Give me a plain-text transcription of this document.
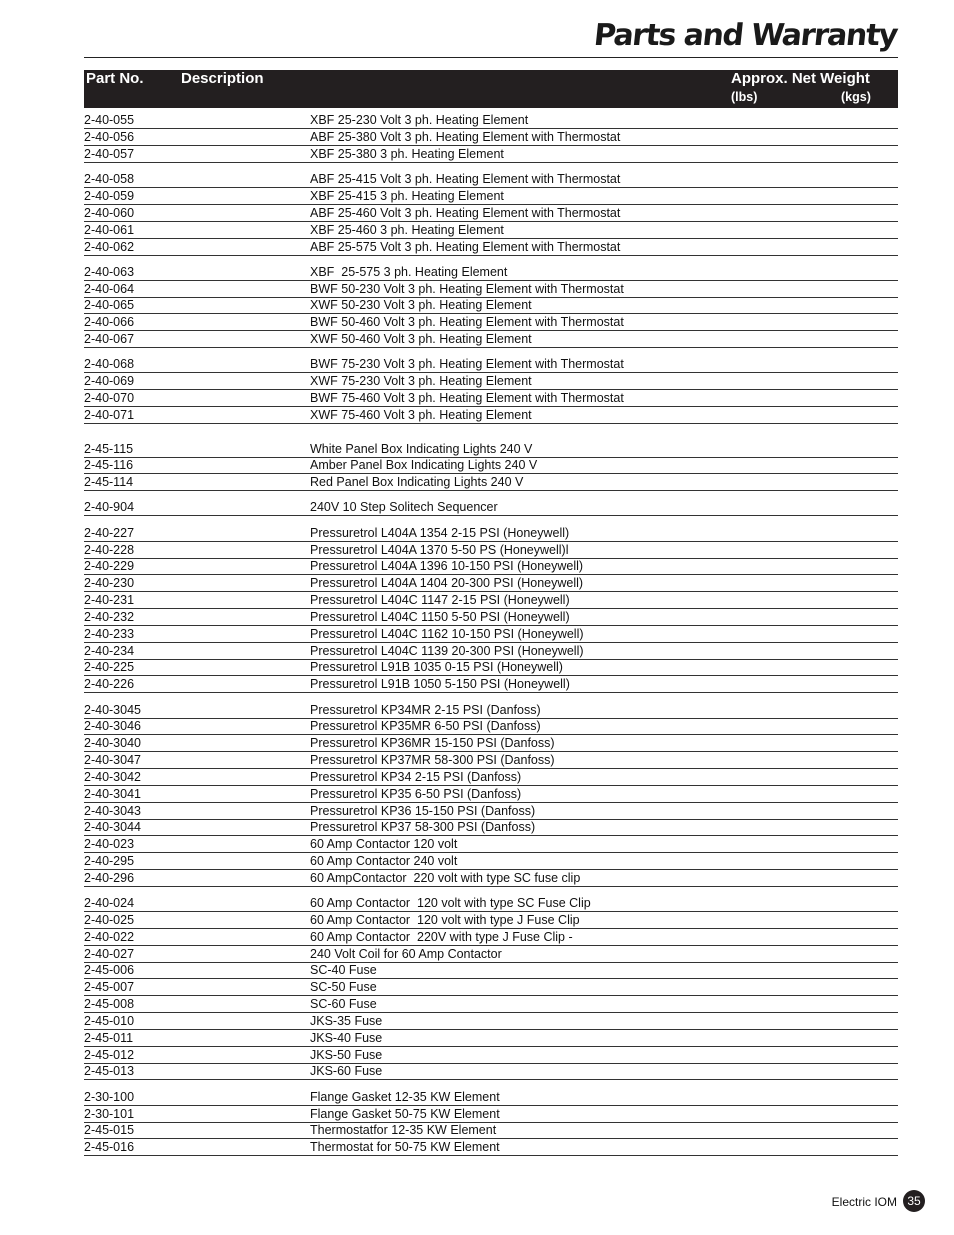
Parts and Warranty
Part No. Description	Approx. Net Weight
(lbs)	(kgs)
2-40-055	XBF 25-230 Volt 3 ph. Heating Element
2-40-056	ABF 25-380 Volt 3 ph. Heating Element with Thermostat
2-40-057	XBF 25-380 3 ph. Heating Element
2-40-058	ABF 25-415 Volt 3 ph. Heating Element with Thermostat
2-40-059	XBF 25-415 3 ph. Heating Element
2-40-060	ABF 25-460 Volt 3 ph. Heating Element with Thermostat
2-40-061	XBF 25-460 3 ph. Heating Element
2-40-062	ABF 25-575 Volt 3 ph. Heating Element with Thermostat
2-40-063	XBF  25-575 3 ph. Heating Element
2-40-064	BWF 50-230 Volt 3 ph. Heating Element with Thermostat
2-40-065	XWF 50-230 Volt 3 ph. Heating Element
2-40-066	BWF 50-460 Volt 3 ph. Heating Element with Thermostat
2-40-067	XWF 50-460 Volt 3 ph. Heating Element
2-40-068	BWF 75-230 Volt 3 ph. Heating Element with Thermostat
2-40-069	XWF 75-230 Volt 3 ph. Heating Element
2-40-070	BWF 75-460 Volt 3 ph. Heating Element with Thermostat
2-40-071	XWF 75-460 Volt 3 ph. Heating Element
2-45-115	White Panel Box Indicating Lights 240 V
2-45-116	Amber Panel Box Indicating Lights 240 V
2-45-114	Red Panel Box Indicating Lights 240 V
2-40-904	240V 10 Step Solitech Sequencer
2-40-227	Pressuretrol L404A 1354 2-15 PSI (Honeywell)
2-40-228	Pressuretrol L404A 1370 5-50 PS (Honeywell)l
2-40-229	Pressuretrol L404A 1396 10-150 PSI (Honeywell)
2-40-230	Pressuretrol L404A 1404 20-300 PSI (Honeywell)
2-40-231	Pressuretrol L404C 1147 2-15 PSI (Honeywell)
2-40-232	Pressuretrol L404C 1150 5-50 PSI (Honeywell)
2-40-233	Pressuretrol L404C 1162 10-150 PSI (Honeywell)
2-40-234	Pressuretrol L404C 1139 20-300 PSI (Honeywell)
2-40-225	Pressuretrol L91B 1035 0-15 PSI (Honeywell)
2-40-226	Pressuretrol L91B 1050 5-150 PSI (Honeywell)
2-40-3045	Pressuretrol KP34MR 2-15 PSI (Danfoss)
2-40-3046	Pressuretrol KP35MR 6-50 PSI (Danfoss)
2-40-3040	Pressuretrol KP36MR 15-150 PSI (Danfoss)
2-40-3047	Pressuretrol KP37MR 58-300 PSI (Danfoss)
2-40-3042	Pressuretrol KP34 2-15 PSI (Danfoss)
2-40-3041	Pressuretrol KP35 6-50 PSI (Danfoss)
2-40-3043	Pressuretrol KP36 15-150 PSI (Danfoss)
2-40-3044	Pressuretrol KP37 58-300 PSI (Danfoss)
2-40-023	60 Amp Contactor 120 volt
2-40-295	60 Amp Contactor 240 volt
2-40-296	60 AmpContactor  220 volt with type SC fuse clip
2-40-024	60 Amp Contactor  120 volt with type SC Fuse Clip
2-40-025	60 Amp Contactor  120 volt with type J Fuse Clip
2-40-022	60 Amp Contactor  220V with type J Fuse Clip -
2-40-027	240 Volt Coil for 60 Amp Contactor
2-45-006	SC-40 Fuse
2-45-007	SC-50 Fuse
2-45-008	SC-60 Fuse
2-45-010	JKS-35 Fuse
2-45-011	JKS-40 Fuse
2-45-012	JKS-50 Fuse
2-45-013	JKS-60 Fuse
2-30-100	Flange Gasket 12-35 KW Element
2-30-101	Flange Gasket 50-75 KW Element
2-45-015	Thermostatfor 12-35 KW Element
2-45-016	Thermostat for 50-75 KW Element
Electric IOM 35
